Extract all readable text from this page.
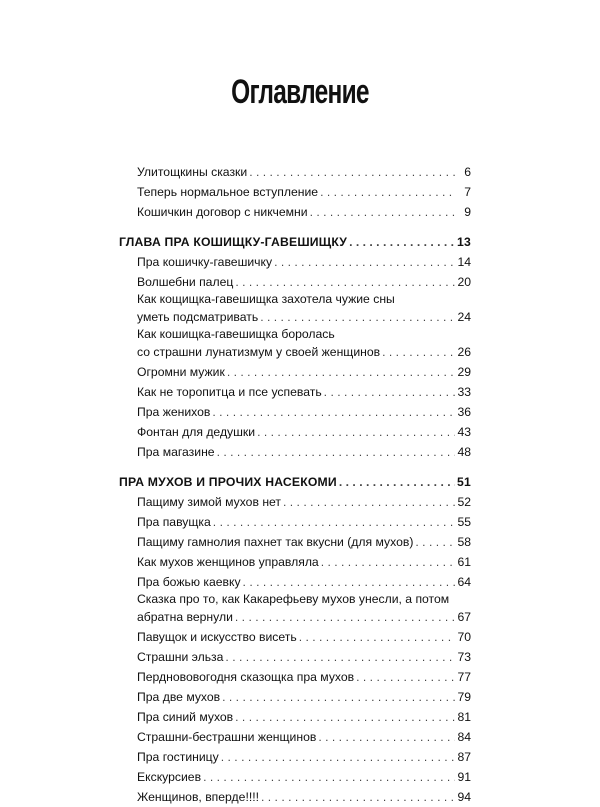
Оглавление
Улитощкины сказки . . .	6
Теперь нормальное вступление . . .	7
Кошичкин договор с никчемни . . .	9
ГЛАВА ПРА КОШИЩКУ-ГАВЕШИЩКУ . . .	13
Пра кошичку-гавешичку . . .	14
Волшебни палец . . .	20
Как кощищка-гавешищка захотела чужие сны
уметь подсматривать . . .	24
Как кошищка-гавешищка боролась
со страшни лунатизмум у своей женщинов . . .	26
Огромни мужик . . .	29
Как не торопитца и псе успевать . . .	33
Пра женихов . . .	36
Фонтан для дедушки . . .	43
Пра магазине . . .	48
ПРА МУХОВ И ПРОЧИХ НАСЕКОМИ . . .	51
Пащиму зимой мухов нет . . .	52
Пра павущка . . .	55
Пащиму гамнолия пахнет так вкусни (для мухов) . . .	58
Как мухов женщинов управляла . . .	61
Пра божью каевку . . .	64
Сказка про то, как Какарефьеву мухов унесли, а потом
абратна вернули . . .	67
Павущок и искусство висеть . . .	70
Страшни эльза . . .	73
Перднововогодня сказощка пра мухов . . .	77
Пра две мухов . . .	79
Пра синий мухов . . .	81
Страшни-бестрашни женщинов . . .	84
Пра гостиницу . . .	87
Екскурсиев . . .	91
Женщинов, вперде!!!! . . .	94
